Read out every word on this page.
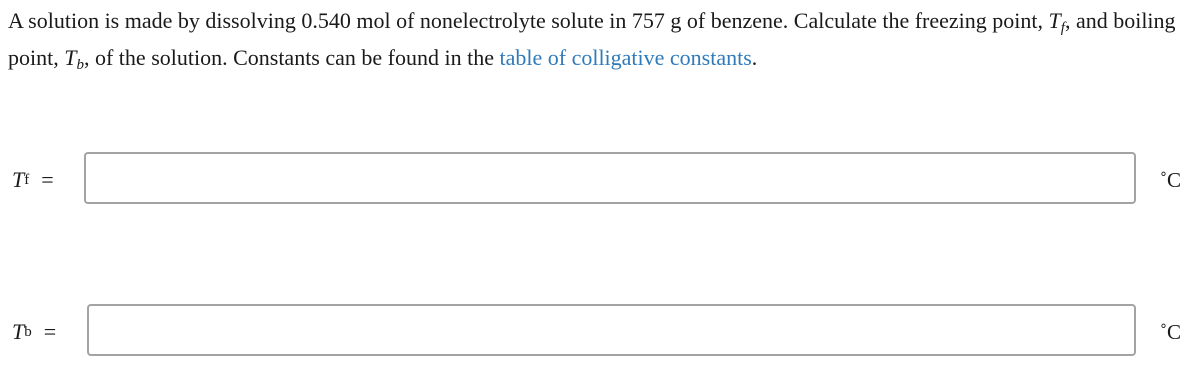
A solution is made by dissolving 0.540 mol of nonelectrolyte solute in 757 g of benzene. Calculate the freezing point, $T_f$, and boiling point, $T_b$, of the solution. Constants can be found in the table of colligative constants.
T f =	˚C
T b =	˚C
